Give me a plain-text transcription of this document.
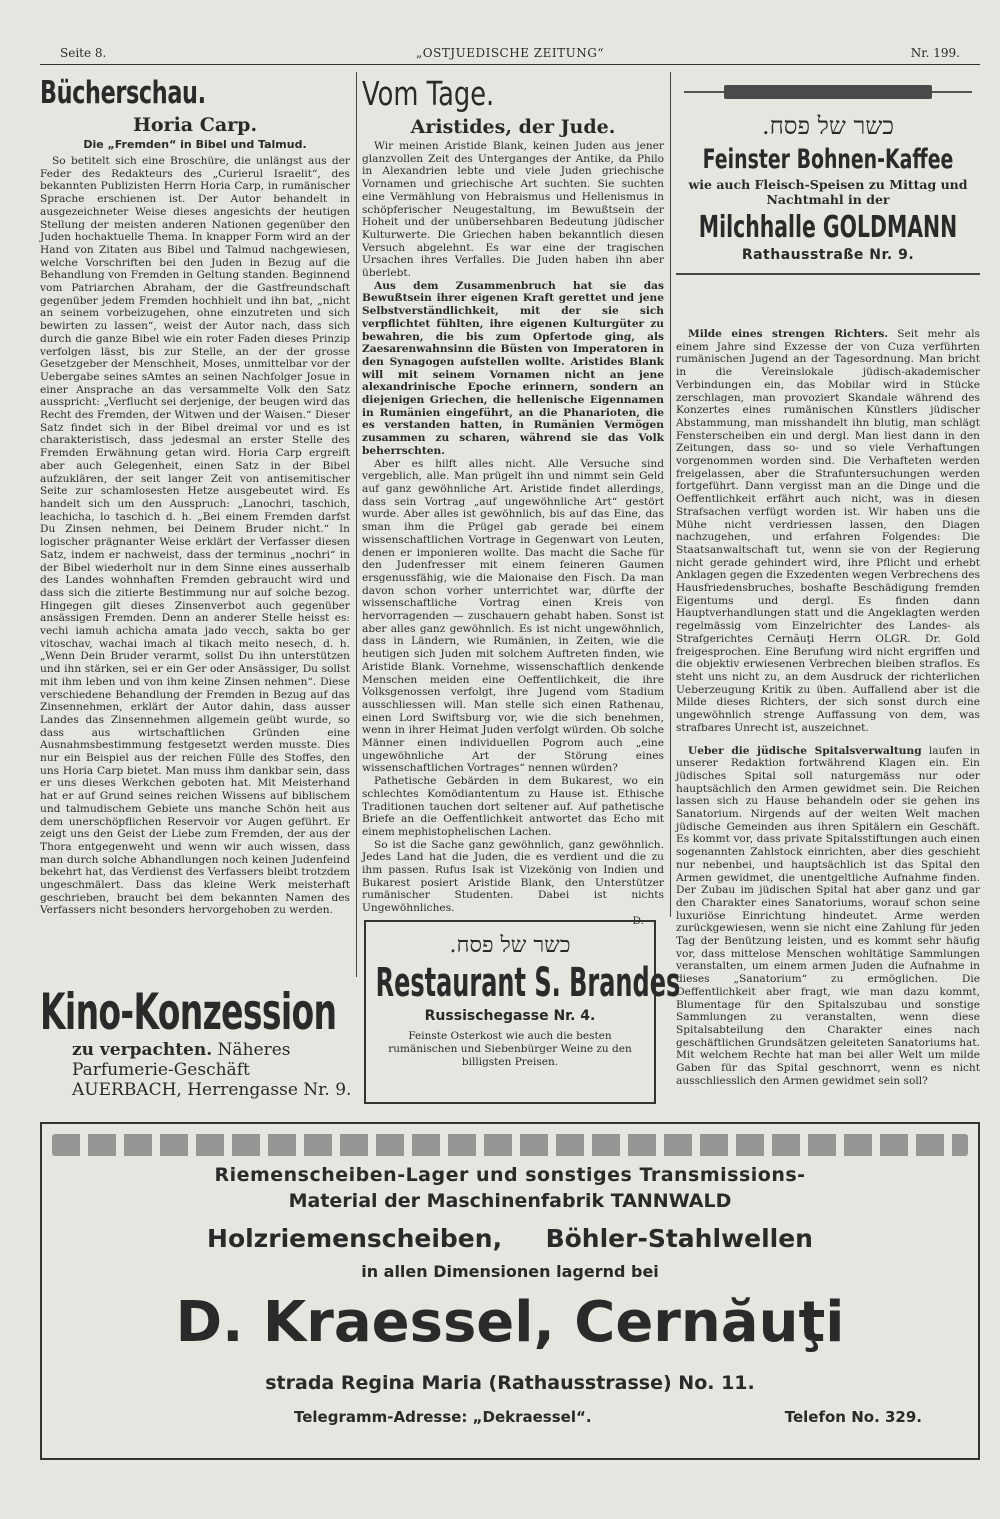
Seite 8.	„OSTJUEDISCHE ZEITUNG“	Nr. 199.
Bücherschau.
Horia Carp.
Die „Fremden“ in Bibel und Talmud.

So betitelt sich eine Broschüre, die unlängst aus der Feder des Redakteurs des „Curierul Israelit“, des bekannten Publizisten Herrn Horia Carp, in rumänischer Sprache erschienen ist. Der Autor behandelt in ausgezeichneter Weise dieses angesichts der heutigen Stellung der meisten anderen Nationen gegenüber den Juden hochaktuelle Thema. In knapper Form wird an der Hand von Zitaten aus Bibel und Talmud nachgewiesen, welche Vorschriften bei den Juden in Bezug auf die Behandlung von Fremden in Geltung standen. Beginnend vom Patriarchen Abraham, der die Gastfreundschaft gegenüber jedem Fremden hochhielt und ihn bat, „nicht an seinem vorbeizugehen, ohne einzutreten und sich bewirten zu lassen“, weist der Autor nach, dass sich durch die ganze Bibel wie ein roter Faden dieses Prinzip verfolgen lässt, bis zur Stelle, an der der grosse Gesetzgeber der Menschheit, Moses, unmittelbar vor der Uebergabe seines sAmtes an seinen Nachfolger Josue in einer Ansprache an das versammelte Volk den Satz ausspricht: „Verflucht sei derjenige, der beugen wird das Recht des Fremden, der Witwen und der Waisen.“ Dieser Satz findet sich in der Bibel dreimal vor und es ist charakteristisch, dass jedesmal an erster Stelle des Fremden Erwähnung getan wird. Horia Carp ergreift aber auch Gelegenheit, einen Satz in der Bibel aufzuklären, der seit langer Zeit von antisemitischer Seite zur schamlosesten Hetze ausgebeutet wird. Es handelt sich um den Ausspruch: „Lanochri, taschich, leachicha, lo taschich d. h. „Bei einem Fremden darfst Du Zinsen nehmen, bei Deinem Bruder nicht.“ In logischer prägnanter Weise erklärt der Verfasser diesen Satz, indem er nachweist, dass der terminus „nochri“ in der Bibel wiederholt nur in dem Sinne eines ausserhalb des Landes wohnhaften Fremden gebraucht wird und dass sich die zitierte Bestimmung nur auf solche bezog. Hingegen gilt dieses Zinsenverbot auch gegenüber ansässigen Fremden. Denn an anderer Stelle heisst es: vechi iamuh achicha amata jado vecch, sakta bo ger vitoschav, wachai imach al tikach meito nesech, d. h. „Wenn Dein Bruder verarmt, sollst Du ihn unterstützen und ihn stärken, sei er ein Ger oder Ansässiger, Du sollst mit ihm leben und von ihm keine Zinsen nehmen“. Diese verschiedene Behandlung der Fremden in Bezug auf das Zinsennehmen, erklärt der Autor dahin, dass ausser Landes das Zinsennehmen allgemein geübt wurde, so dass aus wirtschaftlichen Gründen eine Ausnahmsbestimmung festgesetzt werden musste. Dies nur ein Beispiel aus der reichen Fülle des Stoffes, den uns Horia Carp bietet. Man muss ihm dankbar sein, dass er uns dieses Werkchen geboten hat. Mit Meisterhand hat er auf Grund seines reichen Wissens auf biblischem und talmudischem Gebiete uns manche Schön heit aus dem unerschöpflichen Reservoir vor Augen geführt. Er zeigt uns den Geist der Liebe zum Fremden, der aus der Thora entgegenweht und wenn wir auch wissen, dass man durch solche Abhandlungen noch keinen Judenfeind bekehrt hat, das Verdienst des Verfassers bleibt trotzdem ungeschmälert. Dass das kleine Werk meisterhaft geschrieben, braucht bei dem bekannten Namen des Verfassers nicht besonders hervorgehoben zu werden.

Vom Tage.
Aristides, der Jude.

Wir meinen Aristide Blank, keinen Juden aus jener glanzvollen Zeit des Unterganges der Antike, da Philo in Alexandrien lebte und viele Juden griechische Vornamen und griechische Art suchten. Sie suchten eine Vermählung von Hebraismus und Hellenismus in schöpferischer Neugestaltung, im Bewußtsein der Hoheit und der unübersehbaren Bedeutung jüdischer Kulturwerte. Die Griechen haben bekanntlich diesen Versuch abgelehnt. Es war eine der tragischen Ursachen ihres Verfalles. Die Juden haben ihn aber überlebt.

Aus dem Zusammenbruch hat sie das Bewußtsein ihrer eigenen Kraft gerettet und jene Selbstverständlichkeit, mit der sie sich verpflichtet fühlten, ihre eigenen Kulturgüter zu bewahren, die bis zum Opfertode ging, als Zaesarenwahnsinn die Büsten von Imperatoren in den Synagogen aufstellen wollte. Aristides Blank will mit seinem Vornamen nicht an jene alexandrinische Epoche erinnern, sondern an diejenigen Griechen, die hellenische Eigennamen in Rumänien eingeführt, an die Phanarioten, die es verstanden hatten, in Rumänien Vermögen zusammen zu scharen, während sie das Volk beherrschten.

Aber es hilft alles nicht. Alle Versuche sind vergeblich, alle. Man prügelt ihn und nimmt sein Geld auf ganz gewöhnliche Art. Aristide findet allerdings, dass sein Vortrag „auf ungewöhnliche Art“ gestört wurde. Aber alles ist gewöhnlich, bis auf das Eine, das sman ihm die Prügel gab gerade bei einem wissenschaftlichen Vortrage in Gegenwart von Leuten, denen er imponieren wollte. Das macht die Sache für den Judenfresser mit einem feineren Gaumen ersgenussfähig, wie die Maionaise den Fisch. Da man davon schon vorher unterrichtet war, dürfte der wissenschaftliche Vortrag einen Kreis von hervorragenden — zuschauern gehabt haben. Sonst ist aber alles ganz gewöhnlich. Es ist nicht ungewöhnlich, dass in Ländern, wie Rumänien, in Zeiten, wie die heutigen sich Juden mit solchem Auftreten finden, wie Aristide Blank. Vornehme, wissenschaftlich denkende Menschen meiden eine Oeffentlichkeit, die ihre Volksgenossen verfolgt, ihre Jugend vom Stadium ausschliessen will. Man stelle sich einen Rathenau, einen Lord Swiftsburg vor, wie die sich benehmen, wenn in ihrer Heimat Juden verfolgt würden. Ob solche Männer einen individuellen Pogrom auch „eine ungewöhnliche Art der Störung eines wissenschaftlichen Vortrages“ nennen würden?

Pathetische Gebärden in dem Bukarest, wo ein schlechtes Komödiantentum zu Hause ist. Ethische Traditionen tauchen dort seltener auf. Auf pathetische Briefe an die Oeffentlichkeit antwortet das Echo mit einem mephistophelischen Lachen.

So ist die Sache ganz gewöhnlich, ganz gewöhnlich. Jedes Land hat die Juden, die es verdient und die zu ihm passen. Rufus Isak ist Vizekönig von Indien und Bukarest posiert Aristide Blank, den Unterstützer rumänischer Studenten. Dabei ist nichts Ungewöhnliches.

D.

כשר של פסח.
Feinster Bohnen-Kaffee
wie auch Fleisch-Speisen zu Mittag und Nachtmahl in der
Milchhalle GOLDMANN
Rathausstraße Nr. 9.

Milde eines strengen Richters. Seit mehr als einem Jahre sind Exzesse der von Cuza verführten rumänischen Jugend an der Tagesordnung. Man bricht in die Vereinslokale jüdisch-akademischer Verbindungen ein, das Mobilar wird in Stücke zerschlagen, man provoziert Skandale während des Konzertes eines rumänischen Künstlers jüdischer Abstammung, man misshandelt ihn blutig, man schlägt Fensterscheiben ein und dergl. Man liest dann in den Zeitungen, dass so- und so viele Verhaftungen vorgenommen worden sind. Die Verhafteten werden freigelassen, aber die Strafuntersuchungen werden fortgeführt. Dann vergisst man an die Dinge und die Oeffentlichkeit erfährt auch nicht, was in diesen Strafsachen verfügt worden ist. Wir haben uns die Mühe nicht verdriessen lassen, den Diagen nachzugehen, und erfahren Folgendes: Die Staatsanwaltschaft tut, wenn sie von der Regierung nicht gerade gehindert wird, ihre Pflicht und erhebt Anklagen gegen die Exzedenten wegen Verbrechens des Hausfriedensbruches, boshafte Beschädigung fremden Eigentums und dergl. Es finden dann Hauptverhandlungen statt und die Angeklagten werden regelmässig vom Einzelrichter des Landes- als Strafgerichtes Cernăuţi Herrn OLGR. Dr. Gold freigesprochen. Eine Berufung wird nicht ergriffen und die objektiv erwiesenen Verbrechen bleiben straflos. Es steht uns nicht zu, an dem Ausdruck der richterlichen Ueberzeugung Kritik zu üben. Auffallend aber ist die Milde dieses Richters, der sich sonst durch eine ungewöhnlich strenge Auffassung von dem, was strafbares Unrecht ist, auszeichnet.

Ueber die jüdische Spitalsverwaltung laufen in unserer Redaktion fortwährend Klagen ein. Ein jüdisches Spital soll naturgemäss nur oder hauptsächlich den Armen gewidmet sein. Die Reichen lassen sich zu Hause behandeln oder sie gehen ins Sanatorium. Nirgends auf der weiten Welt machen jüdische Gemeinden aus ihren Spitälern ein Geschäft. Es kommt vor, dass private Spitalsstiftungen auch einen sogenannten Zahlstock einrichten, aber dies geschieht nur nebenbei, und hauptsächlich ist das Spital den Armen gewidmet, die unentgeltliche Aufnahme finden. Der Zubau im jüdischen Spital hat aber ganz und gar den Charakter eines Sanatoriums, worauf schon seine luxuriöse Einrichtung hindeutet. Arme werden zurückgewiesen, wenn sie nicht eine Zahlung für jeden Tag der Benützung leisten, und es kommt sehr häufig vor, dass mittelose Menschen wohltätige Sammlungen veranstalten, um einem armen Juden die Aufnahme in dieses „Sanatorium“ zu ermöglichen. Die Oeffentlichkeit aber fragt, wie man dazu kommt, Blumentage für den Spitalszubau und sonstige Sammlungen zu veranstalten, wenn diese Spitalsabteilung den Charakter eines nach geschäftlichen Grundsätzen geleiteten Sanatoriums hat. Mit welchem Rechte hat man bei aller Welt um milde Gaben für das Spital geschnorrt, wenn es nicht ausschliesslich den Armen gewidmet sein soll?

Kino-Konzession
zu verpachten. Näheres Parfumerie-Geschäft AUERBACH, Herrengasse Nr. 9.
כשר של פסח.
Restaurant S. Brandes
Russischegasse Nr. 4.
Feinste Osterkost wie auch die besten rumänischen und Siebenbürger Weine zu den billigsten Preisen.
Riemenscheiben-Lager und sonstiges Transmissions-
Material der Maschinenfabrik TANNWALD
Holzriemenscheiben,     Böhler-Stahlwellen
in allen Dimensionen lagernd bei
D. Kraessel, Cernăuţi
strada Regina Maria (Rathausstrasse) No. 11.
Telegramm-Adresse: „Dekraessel“.	Telefon No. 329.
